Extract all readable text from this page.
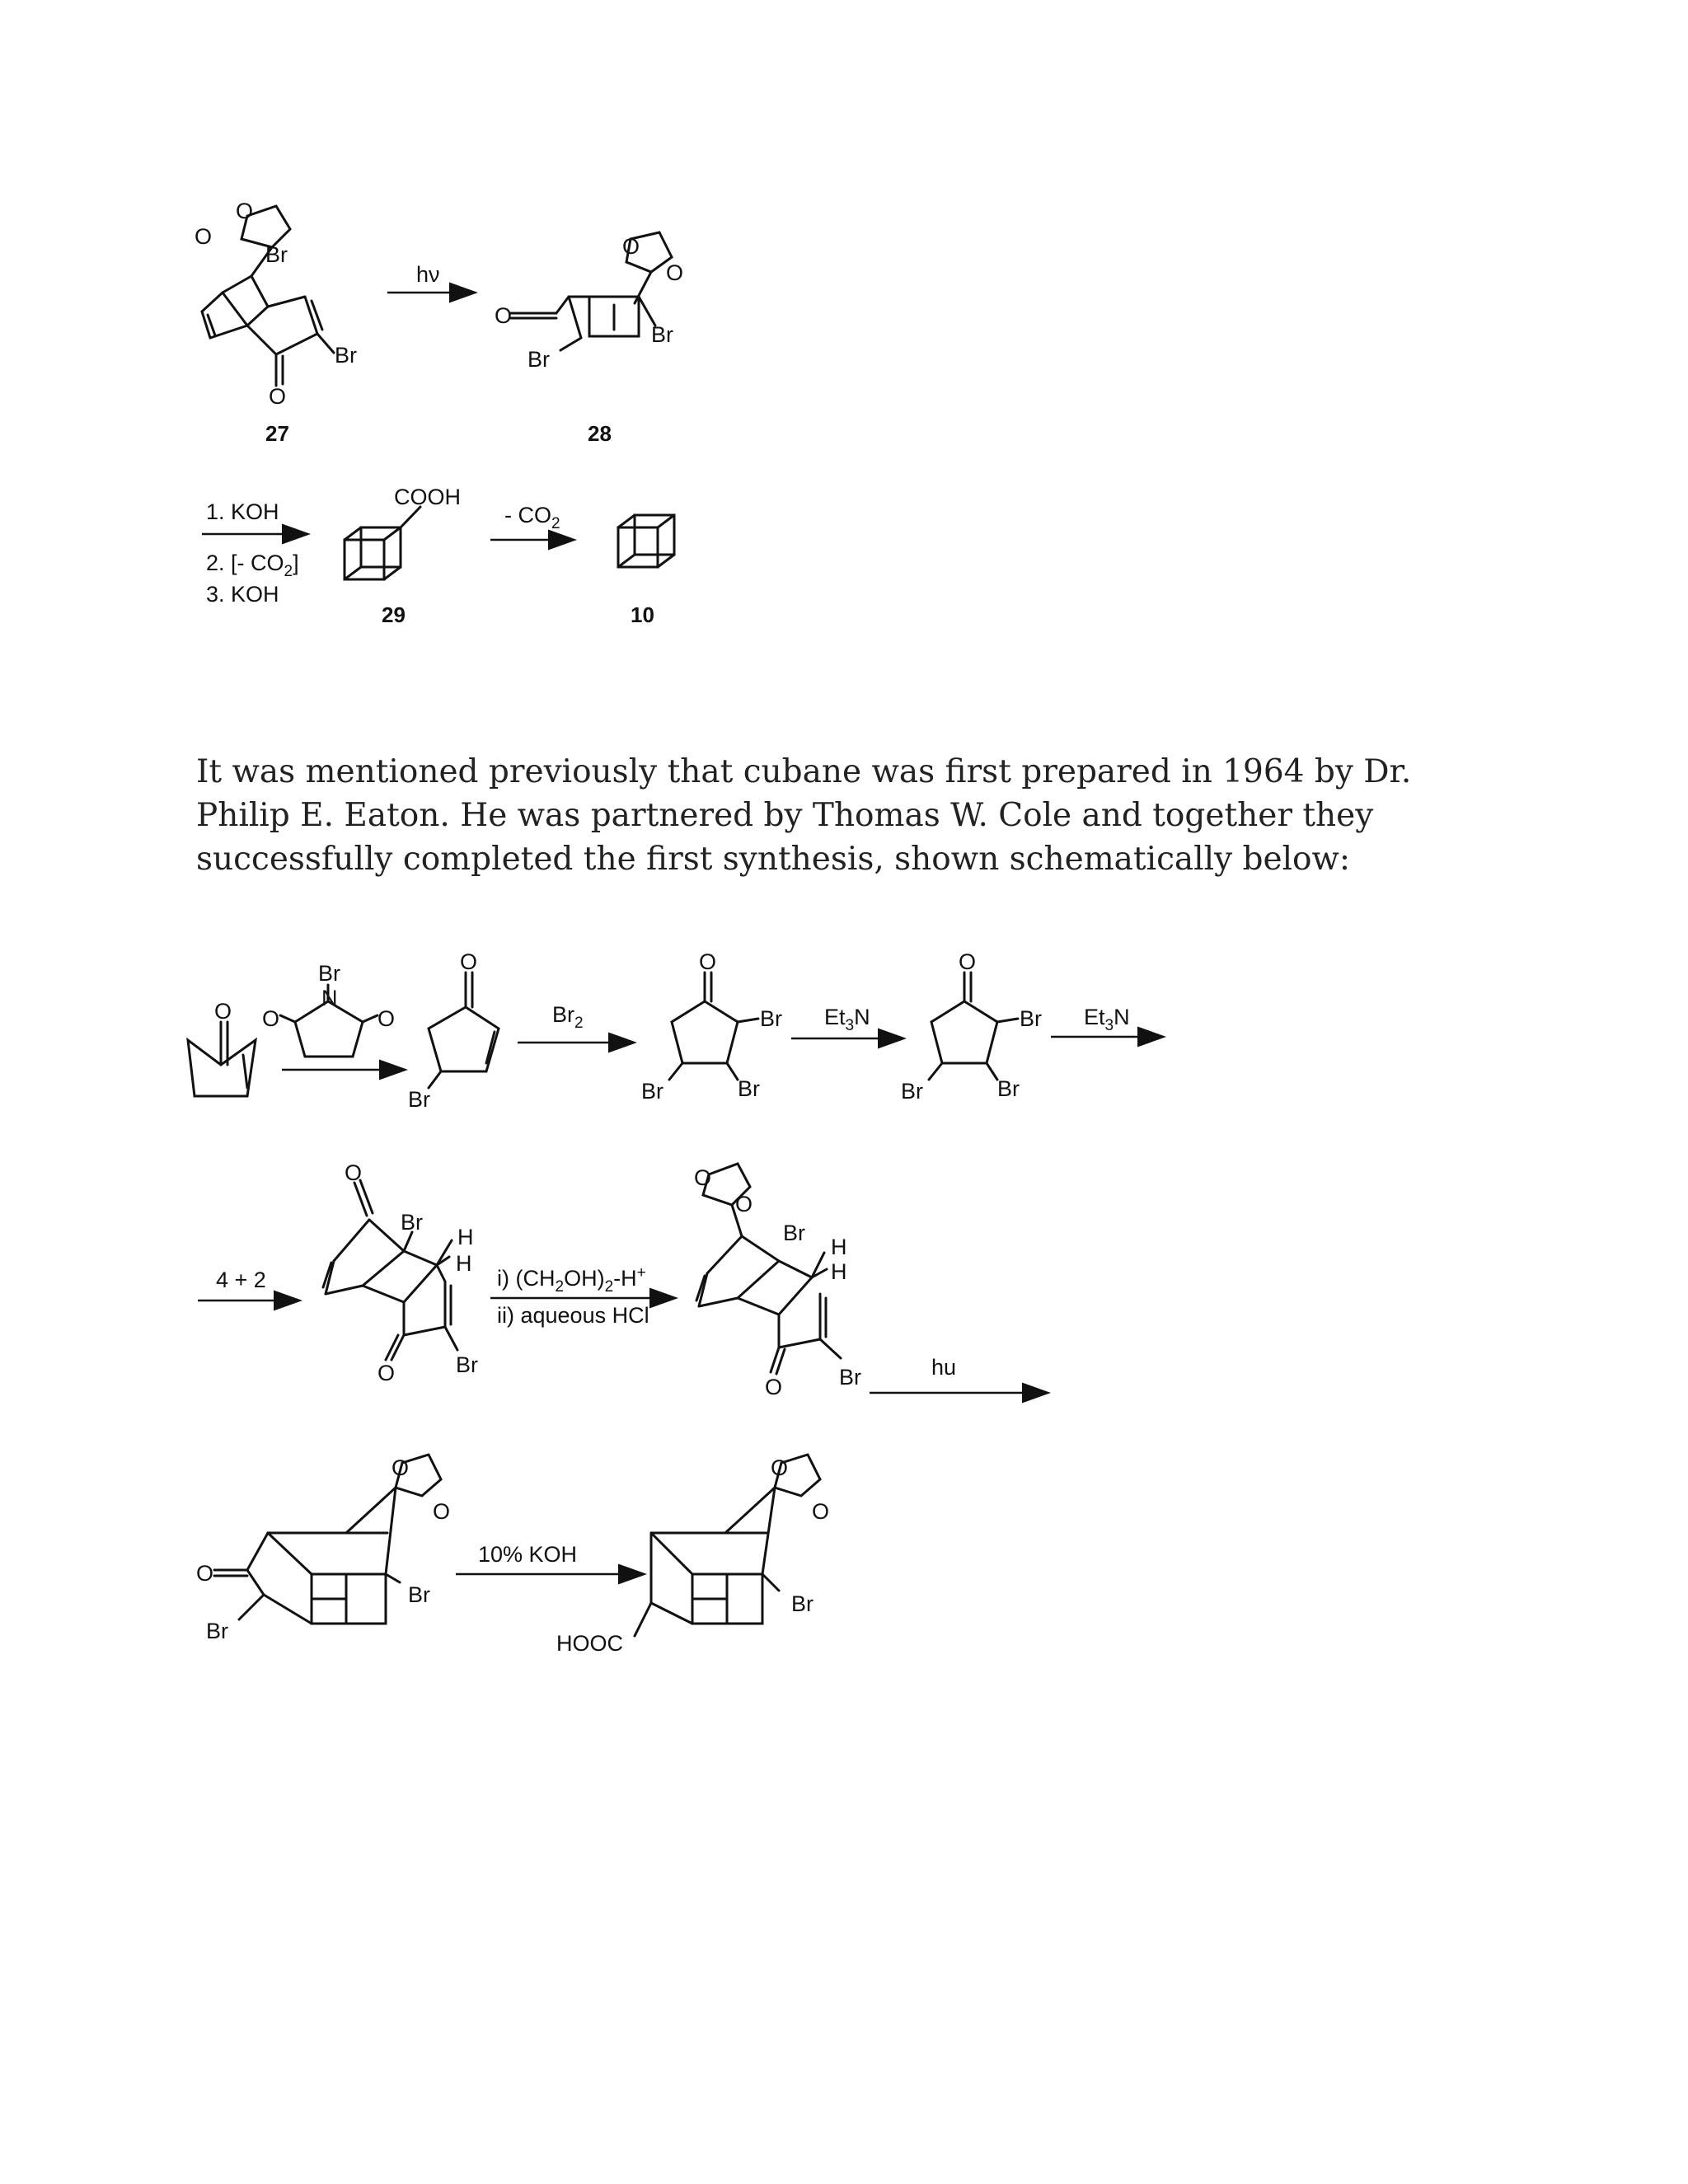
O
O
Br
Br
O
27
hν
O
O
O
Br
Br
28
1. KOH
2. [- $CO_2$]
3. KOH
COOH
29
- $CO_2$
10
O
Br
N
O	O
O
Br
$Br_2$
O
Br
Br
Br
$Et_3N$
O
Br
Br
Br
$Et_3N$
4 + 2
O
Br
H
H
O	Br
i) $(CH_2OH)_2-H^+$
ii) aqueous HCl
O
O
Br
H
H
O	Br	hu
O
O
O
Br
Br
10% KOH
O
O
Br
HOOC

It was mentioned previously that cubane was first prepared in 1964 by Dr. Philip E. Eaton. He was partnered by Thomas W. Cole and together they successfully completed the first synthesis, shown schematically below:
